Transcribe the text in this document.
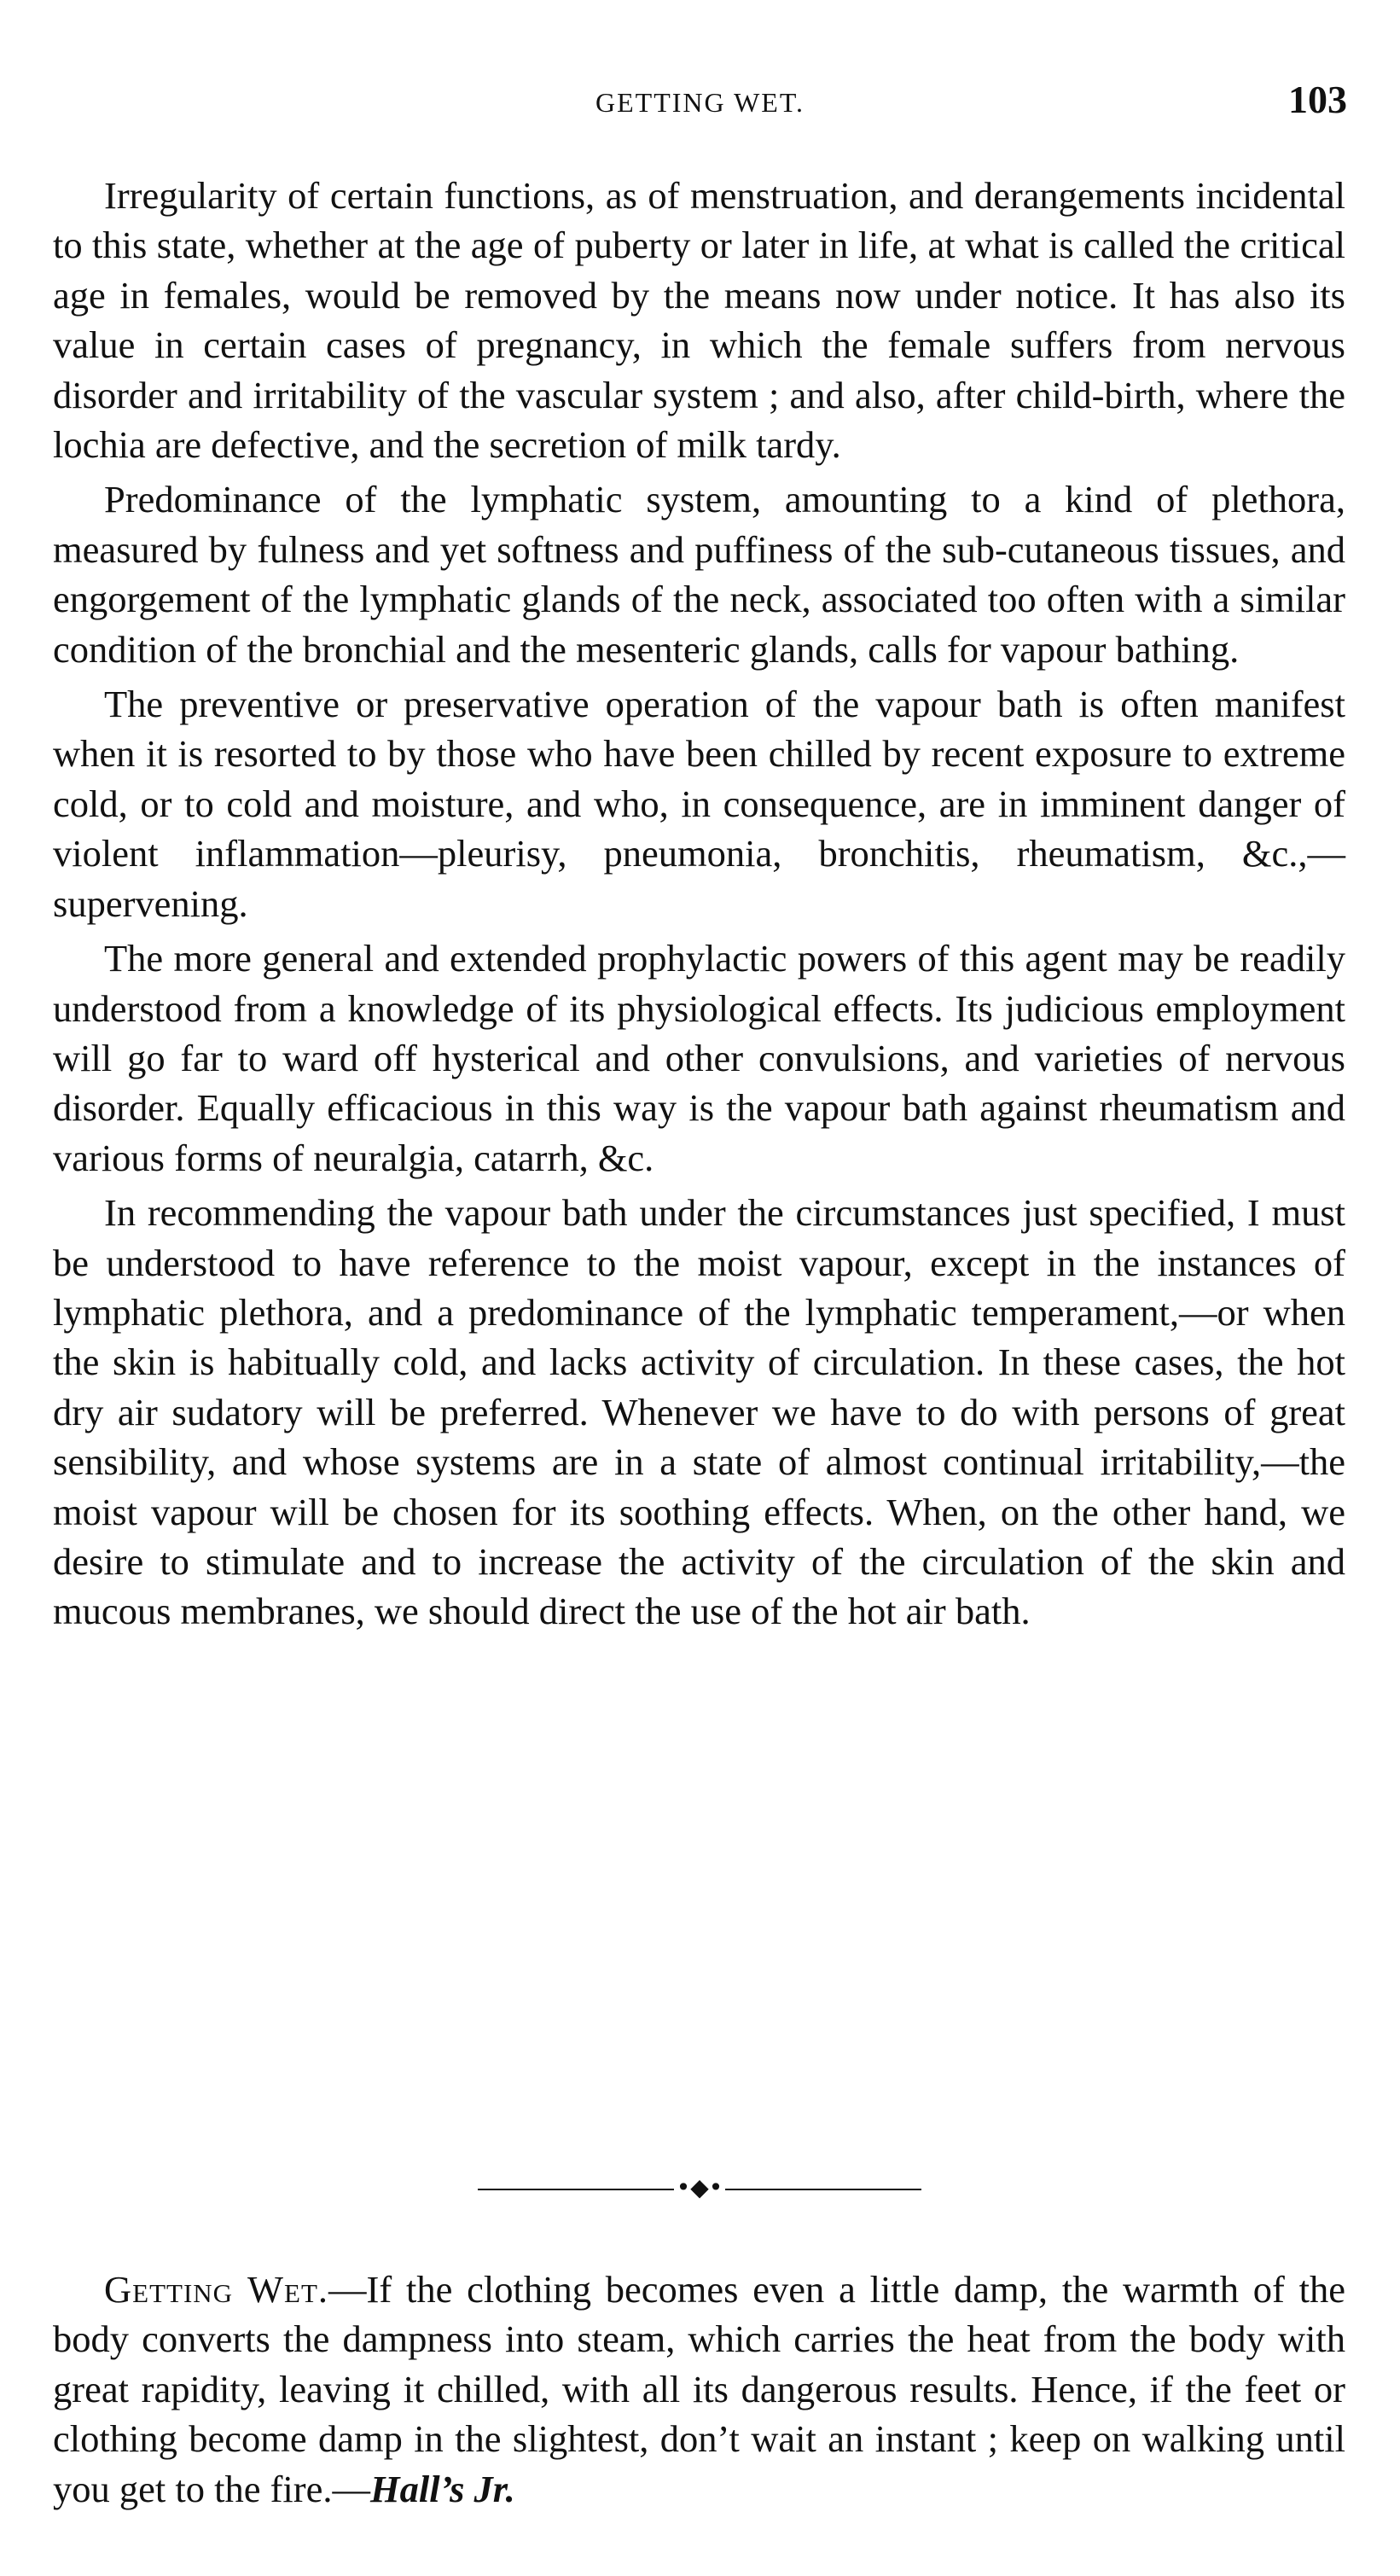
GETTING WET.	103

Irregularity of certain functions, as of menstruation, and derangements incidental to this state, whether at the age of puberty or later in life, at what is called the critical age in females, would be removed by the means now under notice. It has also its value in certain cases of pregnancy, in which the female suffers from nervous disorder and irritability of the vascular system ; and also, after child-birth, where the lochia are defective, and the secretion of milk tardy.

Predominance of the lymphatic system, amounting to a kind of plethora, measured by fulness and yet softness and puffiness of the sub-cutaneous tissues, and engorgement of the lymphatic glands of the neck, associated too often with a similar condition of the bronchial and the mesenteric glands, calls for vapour bathing.

The preventive or preservative operation of the vapour bath is often manifest when it is resorted to by those who have been chilled by recent exposure to extreme cold, or to cold and moisture, and who, in consequence, are in imminent danger of violent inflammation—pleurisy, pneumonia, bronchitis, rheumatism, &c.,—supervening.

The more general and extended prophylactic powers of this agent may be readily understood from a knowledge of its physiological effects. Its judicious employment will go far to ward off hysterical and other convulsions, and varieties of nervous disorder. Equally efficacious in this way is the vapour bath against rheumatism and various forms of neuralgia, catarrh, &c.

In recommending the vapour bath under the circumstances just specified, I must be understood to have reference to the moist vapour, except in the instances of lymphatic plethora, and a predominance of the lymphatic temperament,—or when the skin is habitually cold, and lacks activity of circulation. In these cases, the hot dry air sudatory will be preferred. Whenever we have to do with persons of great sensibility, and whose systems are in a state of almost continual irritability,—the moist vapour will be chosen for its soothing effects. When, on the other hand, we desire to stimulate and to increase the activity of the circulation of the skin and mucous membranes, we should direct the use of the hot air bath.

•◆•

Getting Wet.—If the clothing becomes even a little damp, the warmth of the body converts the dampness into steam, which carries the heat from the body with great rapidity, leaving it chilled, with all its dangerous results. Hence, if the feet or clothing become damp in the slightest, don’t wait an instant ; keep on walking until you get to the fire.—Hall’s Jr.
